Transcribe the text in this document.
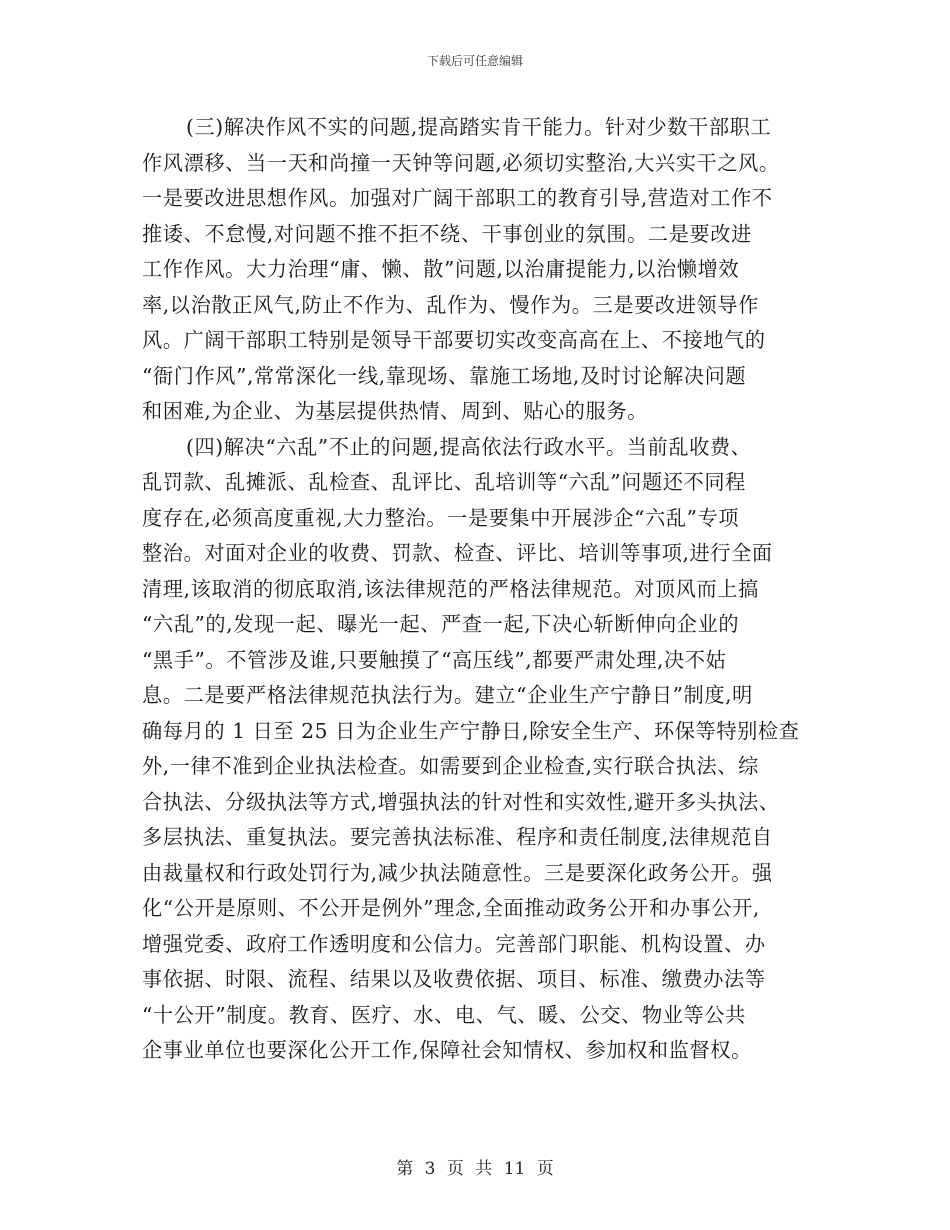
下载后可任意编辑
(三)解决作风不实的问题,提高踏实肯干能力。针对少数干部职工
作风漂移、当一天和尚撞一天钟等问题,必须切实整治,大兴实干之风。
一是要改进思想作风。加强对广阔干部职工的教育引导,营造对工作不
推诿、不怠慢,对问题不推不拒不绕、干事创业的氛围。二是要改进
工作作风。大力治理“庸、懒、散”问题,以治庸提能力,以治懒增效
率,以治散正风气,防止不作为、乱作为、慢作为。三是要改进领导作
风。广阔干部职工特别是领导干部要切实改变高高在上、不接地气的
“衙门作风”,常常深化一线,靠现场、靠施工场地,及时讨论解决问题
和困难,为企业、为基层提供热情、周到、贴心的服务。
(四)解决“六乱”不止的问题,提高依法行政水平。当前乱收费、
乱罚款、乱摊派、乱检查、乱评比、乱培训等“六乱”问题还不同程
度存在,必须高度重视,大力整治。一是要集中开展涉企“六乱”专项
整治。对面对企业的收费、罚款、检查、评比、培训等事项,进行全面
清理,该取消的彻底取消,该法律规范的严格法律规范。对顶风而上搞
“六乱”的,发现一起、曝光一起、严查一起,下决心斩断伸向企业的
“黑手”。不管涉及谁,只要触摸了“高压线”,都要严肃处理,决不姑
息。二是要严格法律规范执法行为。建立“企业生产宁静日”制度,明
确每月的 1 日至 25 日为企业生产宁静日,除安全生产、环保等特别检查
外,一律不准到企业执法检查。如需要到企业检查,实行联合执法、综
合执法、分级执法等方式,增强执法的针对性和实效性,避开多头执法、
多层执法、重复执法。要完善执法标准、程序和责任制度,法律规范自
由裁量权和行政处罚行为,减少执法随意性。三是要深化政务公开。强
化“公开是原则、不公开是例外”理念,全面推动政务公开和办事公开,
增强党委、政府工作透明度和公信力。完善部门职能、机构设置、办
事依据、时限、流程、结果以及收费依据、项目、标准、缴费办法等
“十公开”制度。教育、医疗、水、电、气、暖、公交、物业等公共
企事业单位也要深化公开工作,保障社会知情权、参加权和监督权。
第 3 页 共 11 页
